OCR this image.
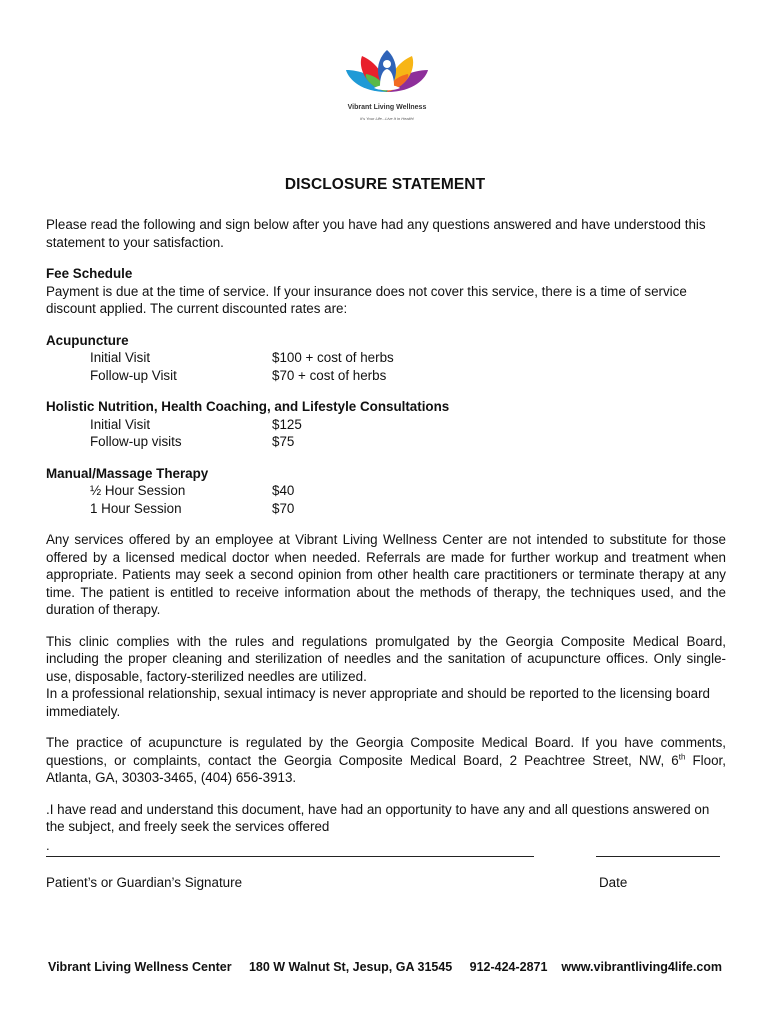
Vibrant Living Wellness
It's Your Life...Live It in Health!
DISCLOSURE STATEMENT

Please read the following and sign below after you have had any questions answered and have understood this statement to your satisfaction.

Fee Schedule

Payment is due at the time of service. If your insurance does not cover this service, there is a time of service discount applied. The current discounted rates are:

Acupuncture

Initial Visit	$100 + cost of herbs
Follow-up Visit	$70 + cost of herbs

Holistic Nutrition, Health Coaching, and Lifestyle Consultations

Initial Visit	$125
Follow-up visits	$75

Manual/Massage Therapy

½ Hour Session	$40
1 Hour Session	$70

Any services offered by an employee at Vibrant Living Wellness Center are not intended to substitute for those offered by a licensed medical doctor when needed. Referrals are made for further workup and treatment when appropriate. Patients may seek a second opinion from other health care practitioners or terminate therapy at any time. The patient is entitled to receive information about the methods of therapy, the techniques used, and the duration of therapy.

This clinic complies with the rules and regulations promulgated by the Georgia Composite Medical Board, including the proper cleaning and sterilization of needles and the sanitation of acupuncture offices. Only single-use, disposable, factory-sterilized needles are utilized.

In a professional relationship, sexual intimacy is never appropriate and should be reported to the licensing board immediately.

The practice of acupuncture is regulated by the Georgia Composite Medical Board. If you have comments, questions, or complaints, contact the Georgia Composite Medical Board, 2 Peachtree Street, NW, 6th Floor, Atlanta, GA, 30303-3465, (404) 656-3913.

.I have read and understand this document, have had an opportunity to have any and all questions answered on the subject, and freely seek the services offered

.
Patient’s or Guardian’s Signature	Date
Vibrant Living Wellness Center     180 W Walnut St, Jesup, GA 31545     912-424-2871    www.vibrantliving4life.com
